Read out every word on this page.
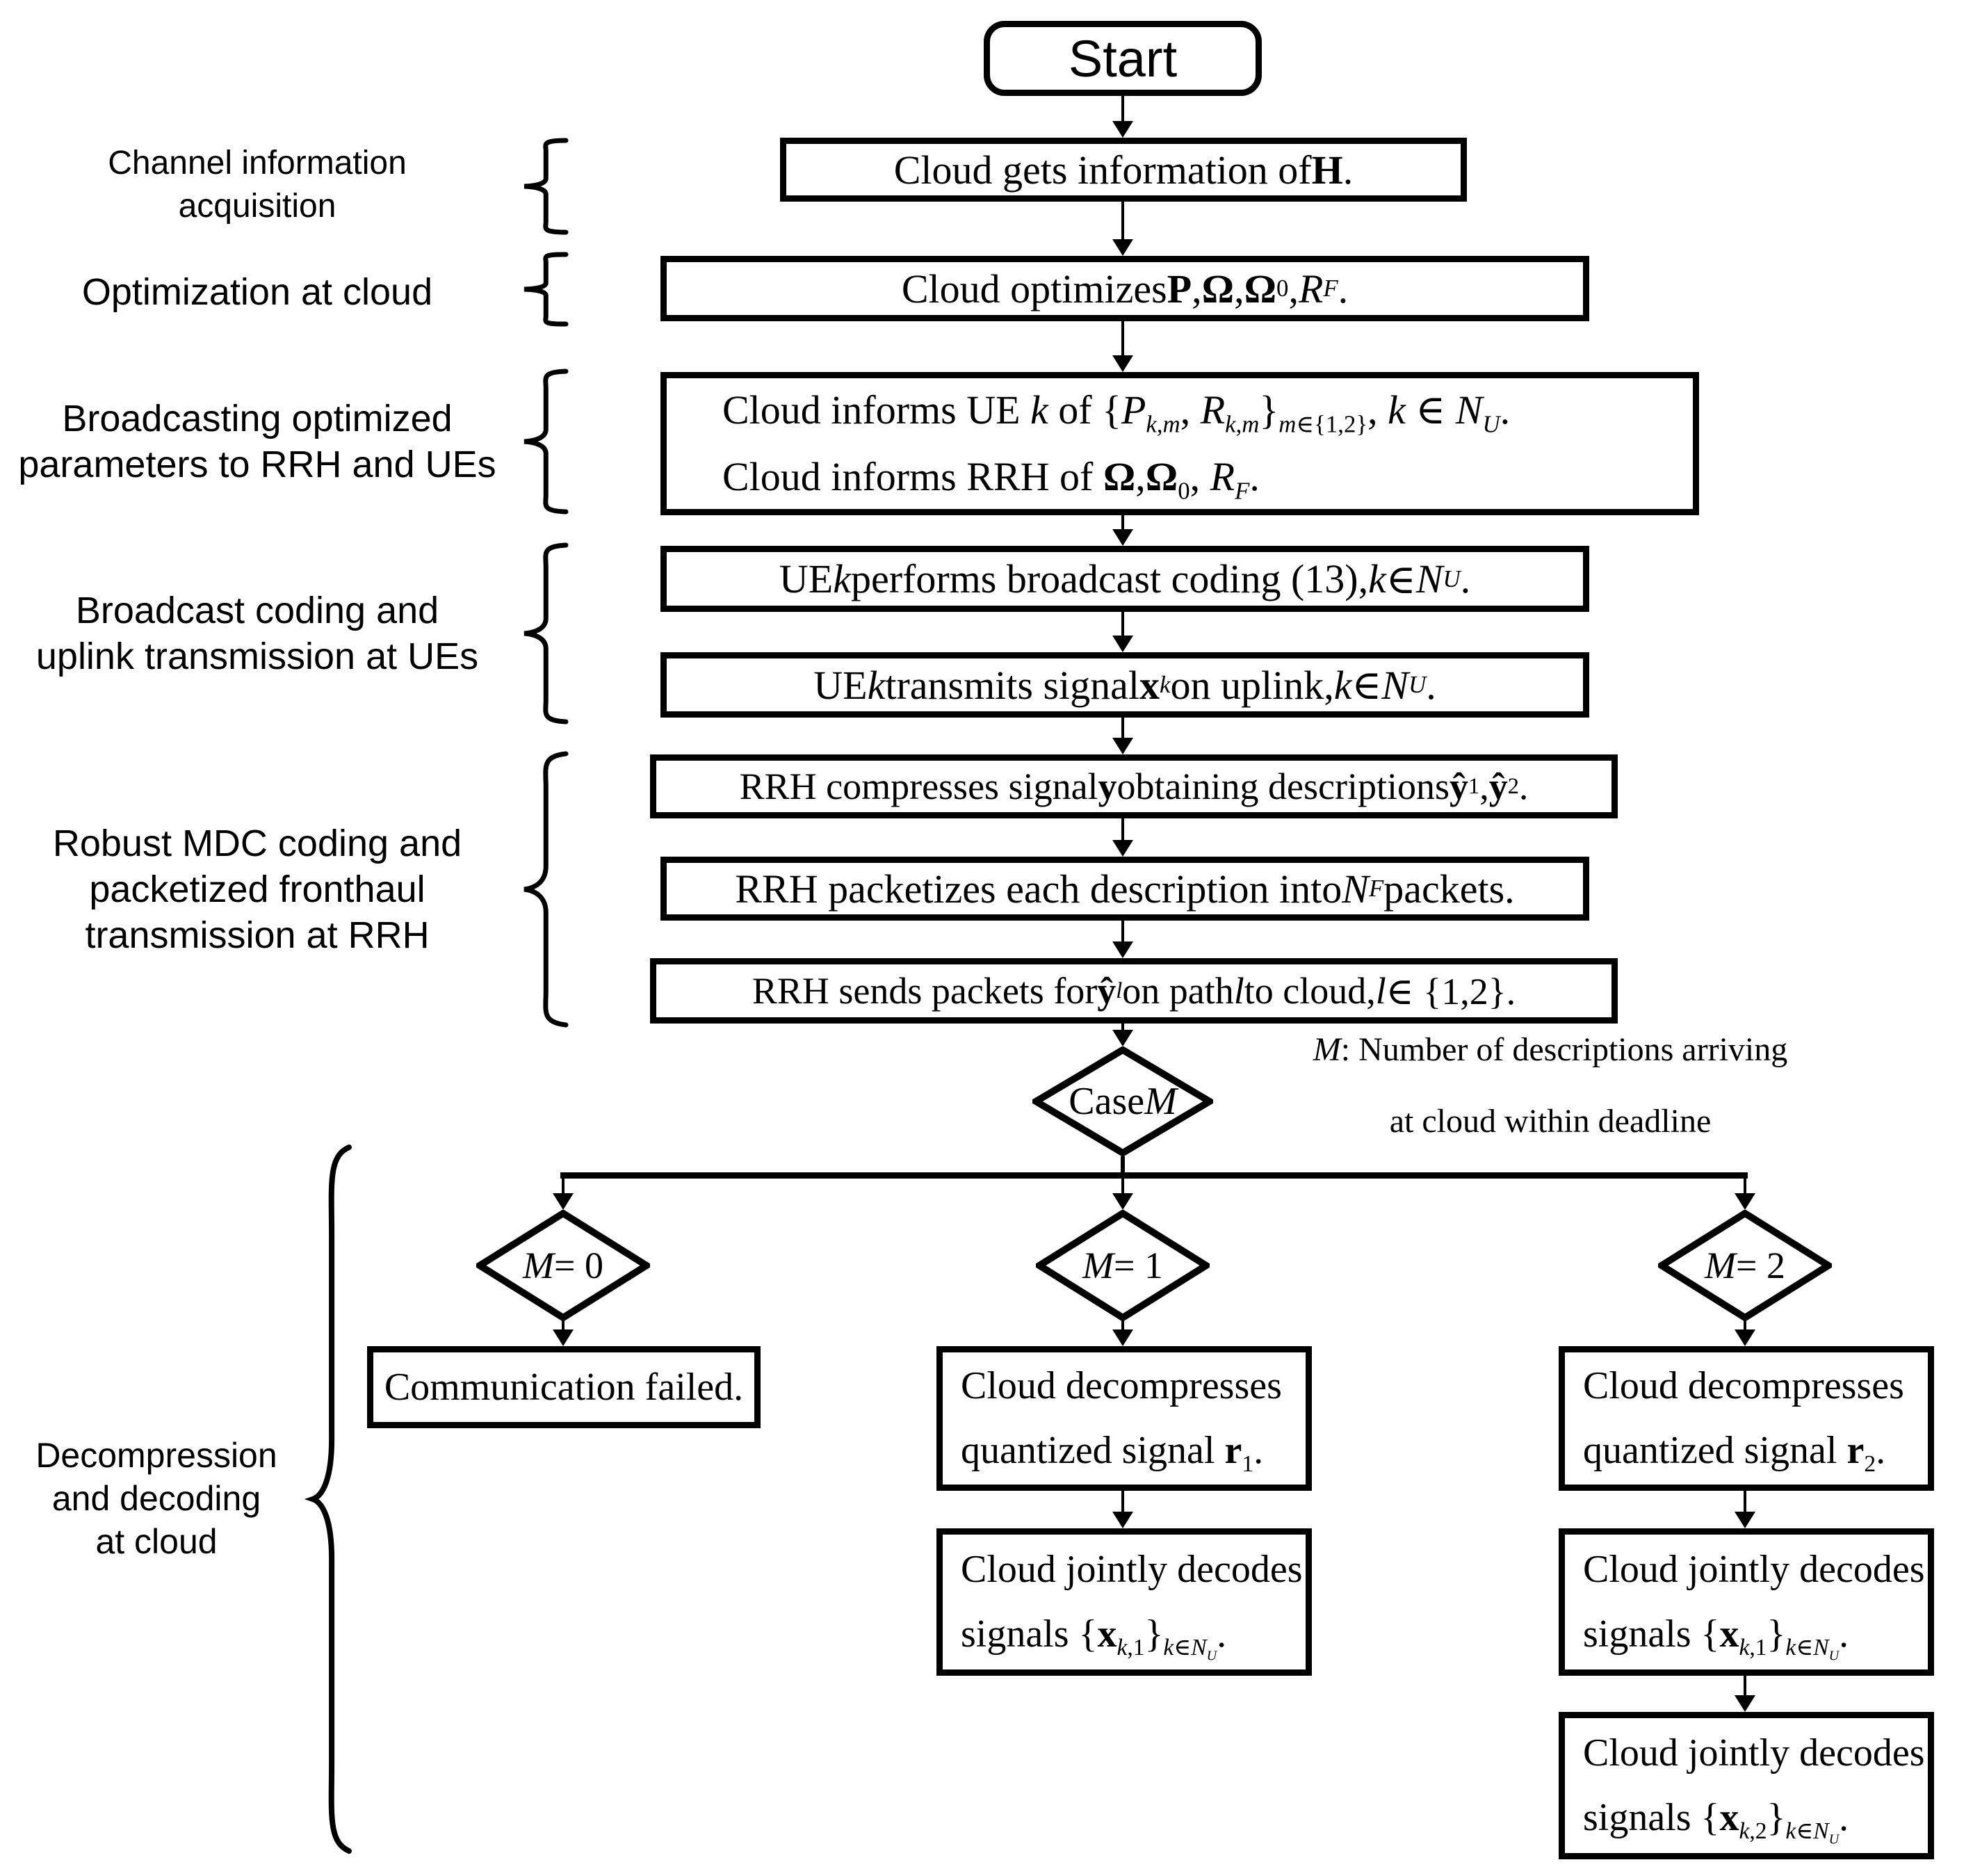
Start
Cloud gets information of H .
Cloud optimizes P , Ω , Ω 0 , R F .
Cloud informs UE k of {$P_{k,m}$, $R_{k,m}\}_{m\in\{1,2\}}$, k ∈ $N_U$.
Cloud informs RRH of $\Omega,\Omega_0$, $R_F$.
UE k performs broadcast coding (13), k ∈ N U .
UE k transmits signal x k on uplink, k ∈ N U .
RRH compresses signal y obtaining descriptions ŷ 1 , ŷ 2 .
RRH packetizes each description into N F packets.
RRH sends packets for ŷ l on path l to cloud, l ∈ {1,2}.
Case M
M: Number of descriptions arriving
at cloud within deadline
M = 0	M = 1	M = 2
Communication failed.	Cloud decompresses
quantized signal $r_1$.
Cloud decompresses
quantized signal $r_2$.
Cloud jointly decodes
signals $\{x_{k,1}\}_{k\in N_U}$.
Cloud jointly decodes
signals $\{x_{k,1}\}_{k\in N_U}$.
Cloud jointly decodes
signals $\{x_{k,2}\}_{k\in N_U}$.
Channel information
acquisition
Optimization at cloud
Broadcasting optimized
parameters to RRH and UEs
Broadcast coding and
uplink transmission at UEs
Robust MDC coding and
packetized fronthaul
transmission at RRH
Decompression
and decoding
at cloud
